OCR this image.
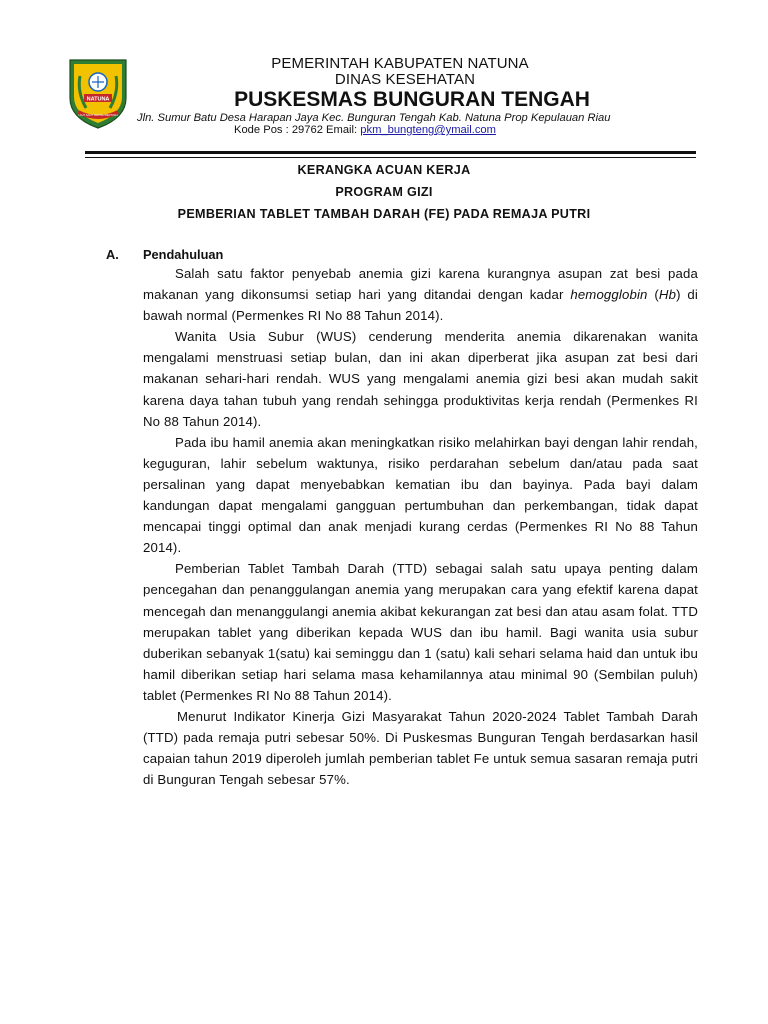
NATUNA
LAUT SAKTI RANTAU BERTUAH
PEMERINTAH KABUPATEN NATUNA
DINAS KESEHATAN
PUSKESMAS BUNGURAN TENGAH
Jln. Sumur Batu Desa Harapan Jaya Kec. Bunguran Tengah Kab. Natuna Prop Kepulauan Riau
Kode Pos : 29762 Email: pkm_bungteng@ymail.com
KERANGKA ACUAN KERJA
PROGRAM GIZI
PEMBERIAN TABLET TAMBAH DARAH (FE) PADA REMAJA PUTRI
A. Pendahuluan

Salah satu faktor penyebab anemia gizi karena kurangnya asupan zat besi pada makanan yang dikonsumsi setiap hari yang ditandai dengan kadar hemogglobin (Hb) di bawah normal (Permenkes RI No 88 Tahun 2014).

Wanita Usia Subur (WUS) cenderung menderita anemia dikarenakan wanita mengalami menstruasi setiap bulan, dan ini akan diperberat jika asupan zat besi dari makanan sehari-hari rendah. WUS yang mengalami anemia gizi besi akan mudah sakit karena daya tahan tubuh yang rendah sehingga produktivitas kerja rendah (Permenkes RI No 88 Tahun 2014).

Pada ibu hamil anemia akan meningkatkan risiko melahirkan bayi dengan lahir rendah, keguguran, lahir sebelum waktunya, risiko perdarahan sebelum dan/atau pada saat persalinan yang dapat menyebabkan kematian ibu dan bayinya. Pada bayi dalam kandungan dapat mengalami gangguan pertumbuhan dan perkembangan, tidak dapat mencapai tinggi optimal dan anak menjadi kurang cerdas (Permenkes RI No 88 Tahun 2014).

Pemberian Tablet Tambah Darah (TTD) sebagai salah satu upaya penting dalam pencegahan dan penanggulangan anemia yang merupakan cara yang efektif karena dapat mencegah dan menanggulangi anemia akibat kekurangan zat besi dan atau asam folat. TTD merupakan tablet yang diberikan kepada WUS dan ibu hamil. Bagi wanita usia subur duberikan sebanyak 1(satu) kai seminggu dan 1 (satu) kali sehari selama haid dan untuk ibu hamil diberikan setiap hari selama masa kehamilannya atau minimal 90 (Sembilan puluh) tablet (Permenkes RI No 88 Tahun 2014).

Menurut Indikator Kinerja Gizi Masyarakat Tahun 2020-2024 Tablet Tambah Darah (TTD) pada remaja putri sebesar 50%. Di Puskesmas Bunguran Tengah berdasarkan hasil capaian tahun 2019 diperoleh jumlah pemberian tablet Fe untuk semua sasaran remaja putri di Bunguran Tengah sebesar 57%.
